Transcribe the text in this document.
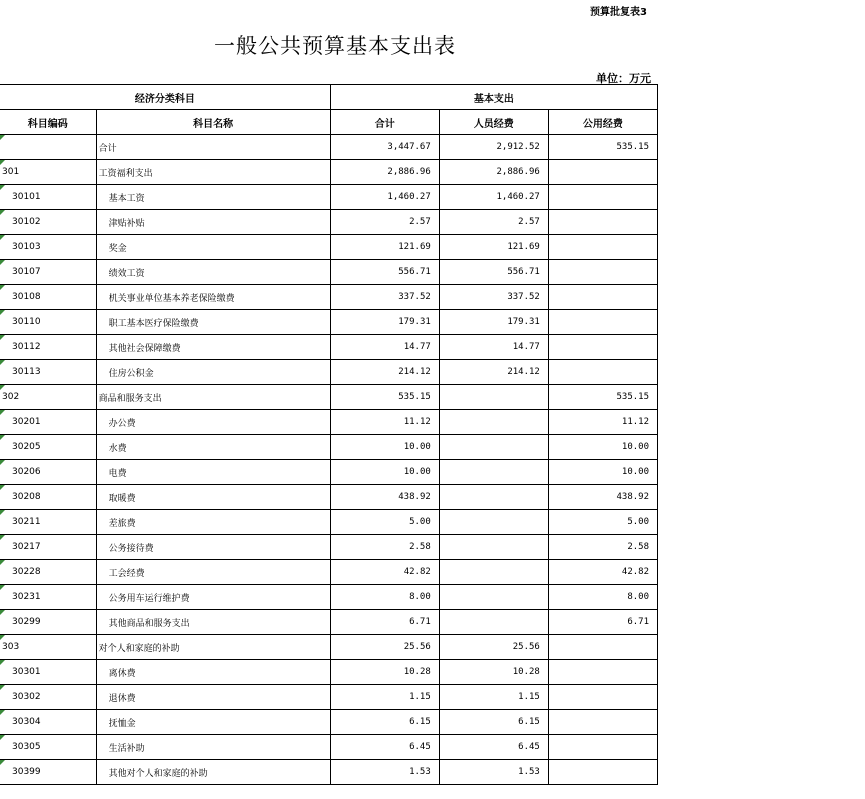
预算批复表3
一般公共预算基本支出表
单位：万元
经济分类科目		基本支出		
科目编码	科目名称	合计	人员经费	公用经费

	合计	3,447.67	2,912.52	535.15

301	工资福利支出	2,886.96	2,886.96	

30101	基本工资	1,460.27	1,460.27	

30102	津贴补贴	2.57	2.57	

30103	奖金	121.69	121.69	

30107	绩效工资	556.71	556.71	

30108	机关事业单位基本养老保险缴费	337.52	337.52	

30110	职工基本医疗保险缴费	179.31	179.31	

30112	其他社会保障缴费	14.77	14.77	

30113	住房公积金	214.12	214.12	

302	商品和服务支出	535.15		535.15

30201	办公费	11.12		11.12

30205	水费	10.00		10.00

30206	电费	10.00		10.00

30208	取暖费	438.92		438.92

30211	差旅费	5.00		5.00

30217	公务接待费	2.58		2.58

30228	工会经费	42.82		42.82

30231	公务用车运行维护费	8.00		8.00

30299	其他商品和服务支出	6.71		6.71

303	对个人和家庭的补助	25.56	25.56	

30301	离休费	10.28	10.28	

30302	退休费	1.15	1.15	

30304	抚恤金	6.15	6.15	

30305	生活补助	6.45	6.45	

30399	其他对个人和家庭的补助	1.53	1.53	
